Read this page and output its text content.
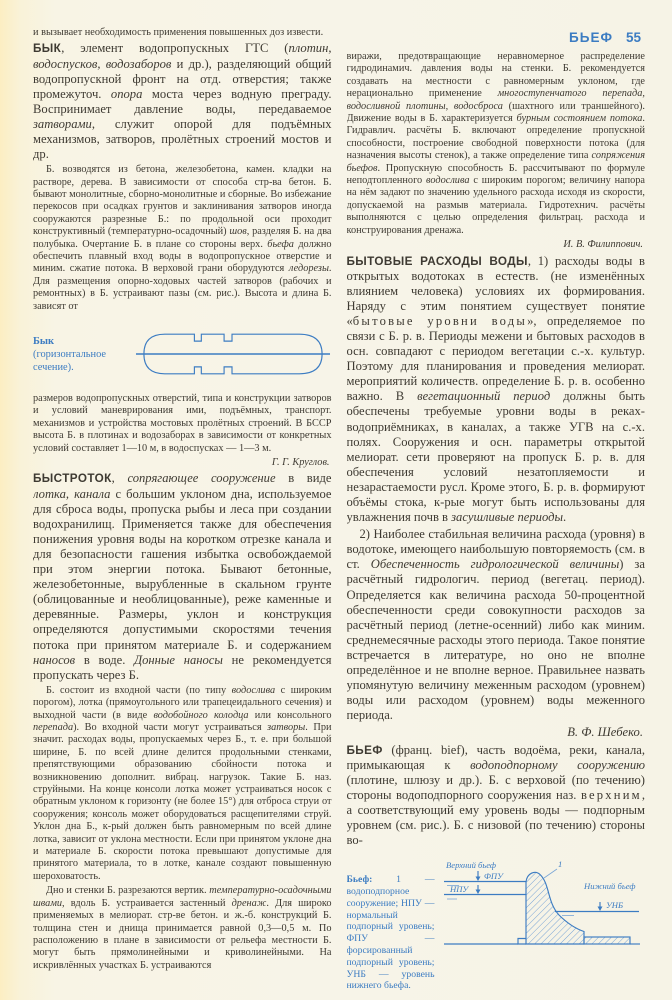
БЬЕФ 55

и вызывает необходимость применения повышенных доз извести.

БЫК, элемент водопропускных ГТС (плотин, водоспусков, водозаборов и др.), разделяющий общий водопропускной фронт на отд. отверстия; также промежуточ. опора моста через водную преграду. Воспринимает давление воды, передаваемое затворами, служит опорой для подъёмных механизмов, затворов, пролётных строений мостов и др.

Б. возводятся из бетона, железобетона, камен. кладки на растворе, дерева. В зависимости от способа стр-ва бетон. Б. бывают монолитные, сборно-монолитные и сборные. Во избежание перекосов при осадках грунтов и заклинивания затворов иногда сооружаются разрезные Б.: по продольной оси проходит конструктивный (температурно-осадочный) шов, разделяя Б. на два полубыка. Очертание Б. в плане со стороны верх. бьефа должно обеспечить плавный вход воды в водопропускное отверстие и миним. сжатие потока. В верховой грани оборудуются ледорезы. Для размещения опорно-ходовых частей затворов (рабочих и ремонтных) в Б. устраивают пазы (см. рис.). Высота и длина Б. зависят от

Бык (горизонтальное сечение).

размеров водопропускных отверстий, типа и конструкции затворов и условий маневрирования ими, подъёмных, транспорт. механизмов и устройства мостовых пролётных строений. В БССР высота Б. в плотинах и водозаборах в зависимости от конкретных условий составляет 1—10 м, в водоспусках — 1—3 м.

Г. Г. Круглов.

БЫСТРОТОК, сопрягающее сооружение в виде лотка, канала с большим уклоном дна, используемое для сброса воды, пропуска рыбы и леса при создании водохранилищ. Применяется также для обеспечения понижения уровня воды на коротком отрезке канала и для безопасности гашения избытка освобождаемой при этом энергии потока. Бывают бетонные, железобетонные, вырубленные в скальном грунте (облицованные и необлицованные), реже каменные и деревянные. Размеры, уклон и конструкция определяются допустимыми скоростями течения потока при принятом материале Б. и содержанием наносов в воде. Донные наносы не рекомендуется пропускать через Б.

Б. состоит из входной части (по типу водослива с широким порогом), лотка (прямоугольного или трапецеидального сечения) и выходной части (в виде водобойного колодца или консольного перепада). Во входной части могут устраиваться затворы. При значит. расходах воды, пропускаемых через Б., т. е. при большой ширине, Б. по всей длине делится продольными стенками, препятствующими образованию сбойности потока и возникновению дополнит. вибрац. нагрузок. Такие Б. наз. струйными. На конце консоли лотка может устраиваться носок с обратным уклоном к горизонту (не более 15°) для отброса струи от сооружения; консоль может оборудоваться расщепителями струй. Уклон дна Б., к-рый должен быть равномерным по всей длине лотка, зависит от уклона местности. Если при принятом уклоне дна и материале Б. скорости потока превышают допустимые для принятого материала, то в лотке, канале создают повышенную шероховатость.

Дно и стенки Б. разрезаются вертик. температурно-осадочными швами, вдоль Б. устраивается застенный дренаж. Для широко применяемых в мелиорат. стр-ве бетон. и ж.-б. конструкций Б. толщина стен и днища принимается равной 0,3—0,5 м. По расположению в плане в зависимости от рельефа местности Б. могут быть прямолинейными и криволинейными. На искривлённых участках Б. устраиваются

виражи, предотвращающие неравномерное распределение гидродинамич. давления воды на стенки. Б. рекомендуется создавать на местности с равномерным уклоном, где нерационально применение многоступенчатого перепада, водосливной плотины, водосброса (шахтного или траншейного). Движение воды в Б. характеризуется бурным состоянием потока. Гидравлич. расчёты Б. включают определение пропускной способности, построение свободной поверхности потока (для назначения высоты стенок), а также определение типа сопряжения бьефов. Пропускную способность Б. рассчитывают по формуле неподтопленного водослива с широким порогом; величину напора на нём задают по значению удельного расхода исходя из скорости, допускаемой на размыв материала. Гидротехнич. расчёты выполняются с целью определения фильтрац. расхода и конструирования дренажа.

И. В. Филиппович.

БЫТОВЫЕ РАСХОДЫ ВОДЫ, 1) расходы воды в открытых водотоках в естеств. (не изменённых влиянием человека) условиях их формирования. Наряду с этим понятием существует понятие «бытовые уровни воды», определяемое по связи с Б. р. в. Периоды межени и бытовых расходов в осн. совпадают с периодом вегетации с.-х. культур. Поэтому для планирования и проведения мелиорат. мероприятий количеств. определение Б. р. в. особенно важно. В вегетационный период должны быть обеспечены требуемые уровни воды в реках-водоприёмниках, в каналах, а также УГВ на с.-х. полях. Сооружения и осн. параметры открытой мелиорат. сети проверяют на пропуск Б. р. в. для обеспечения условий незатопляемости и незарастаемости русл. Кроме этого, Б. р. в. формируют объёмы стока, к-рые могут быть использованы для увлажнения почв в засушливые периоды.

2) Наиболее стабильная величина расхода (уровня) в водотоке, имеющего наибольшую повторяемость (см. в ст. Обеспеченность гидрологической величины) за расчётный гидрологич. период (вегетац. период). Определяется как величина расхода 50-процентной обеспеченности среди совокупности расходов за расчётный период (летне-осенний) либо как миним. среднемесячные расходы этого периода. Такое понятие встречается в литературе, но оно не вполне определённое и не вполне верное. Правильнее назвать упомянутую величину меженным расходом (уровнем) воды или расходом (уровнем) воды меженного периода.

В. Ф. Шебеко.

БЬЕФ (франц. bief), часть водоёма, реки, канала, примыкающая к водоподпорному сооружению (плотине, шлюзу и др.). Б. с верховой (по течению) стороны водоподпорного сооружения наз. верхним, а соответствующий ему уровень воды — подпорным уровнем (см. рис.). Б. с низовой (по течению) стороны во-

Бьеф: 1 — водоподпорное сооружение; НПУ — нормальный подпорный уровень; ФПУ — форсированный подпорный уровень; УНБ — уровень нижнего бьефа.
Верхний бьеф
ФПУ
НПУ
1
Нижний бьеф
УНБ
